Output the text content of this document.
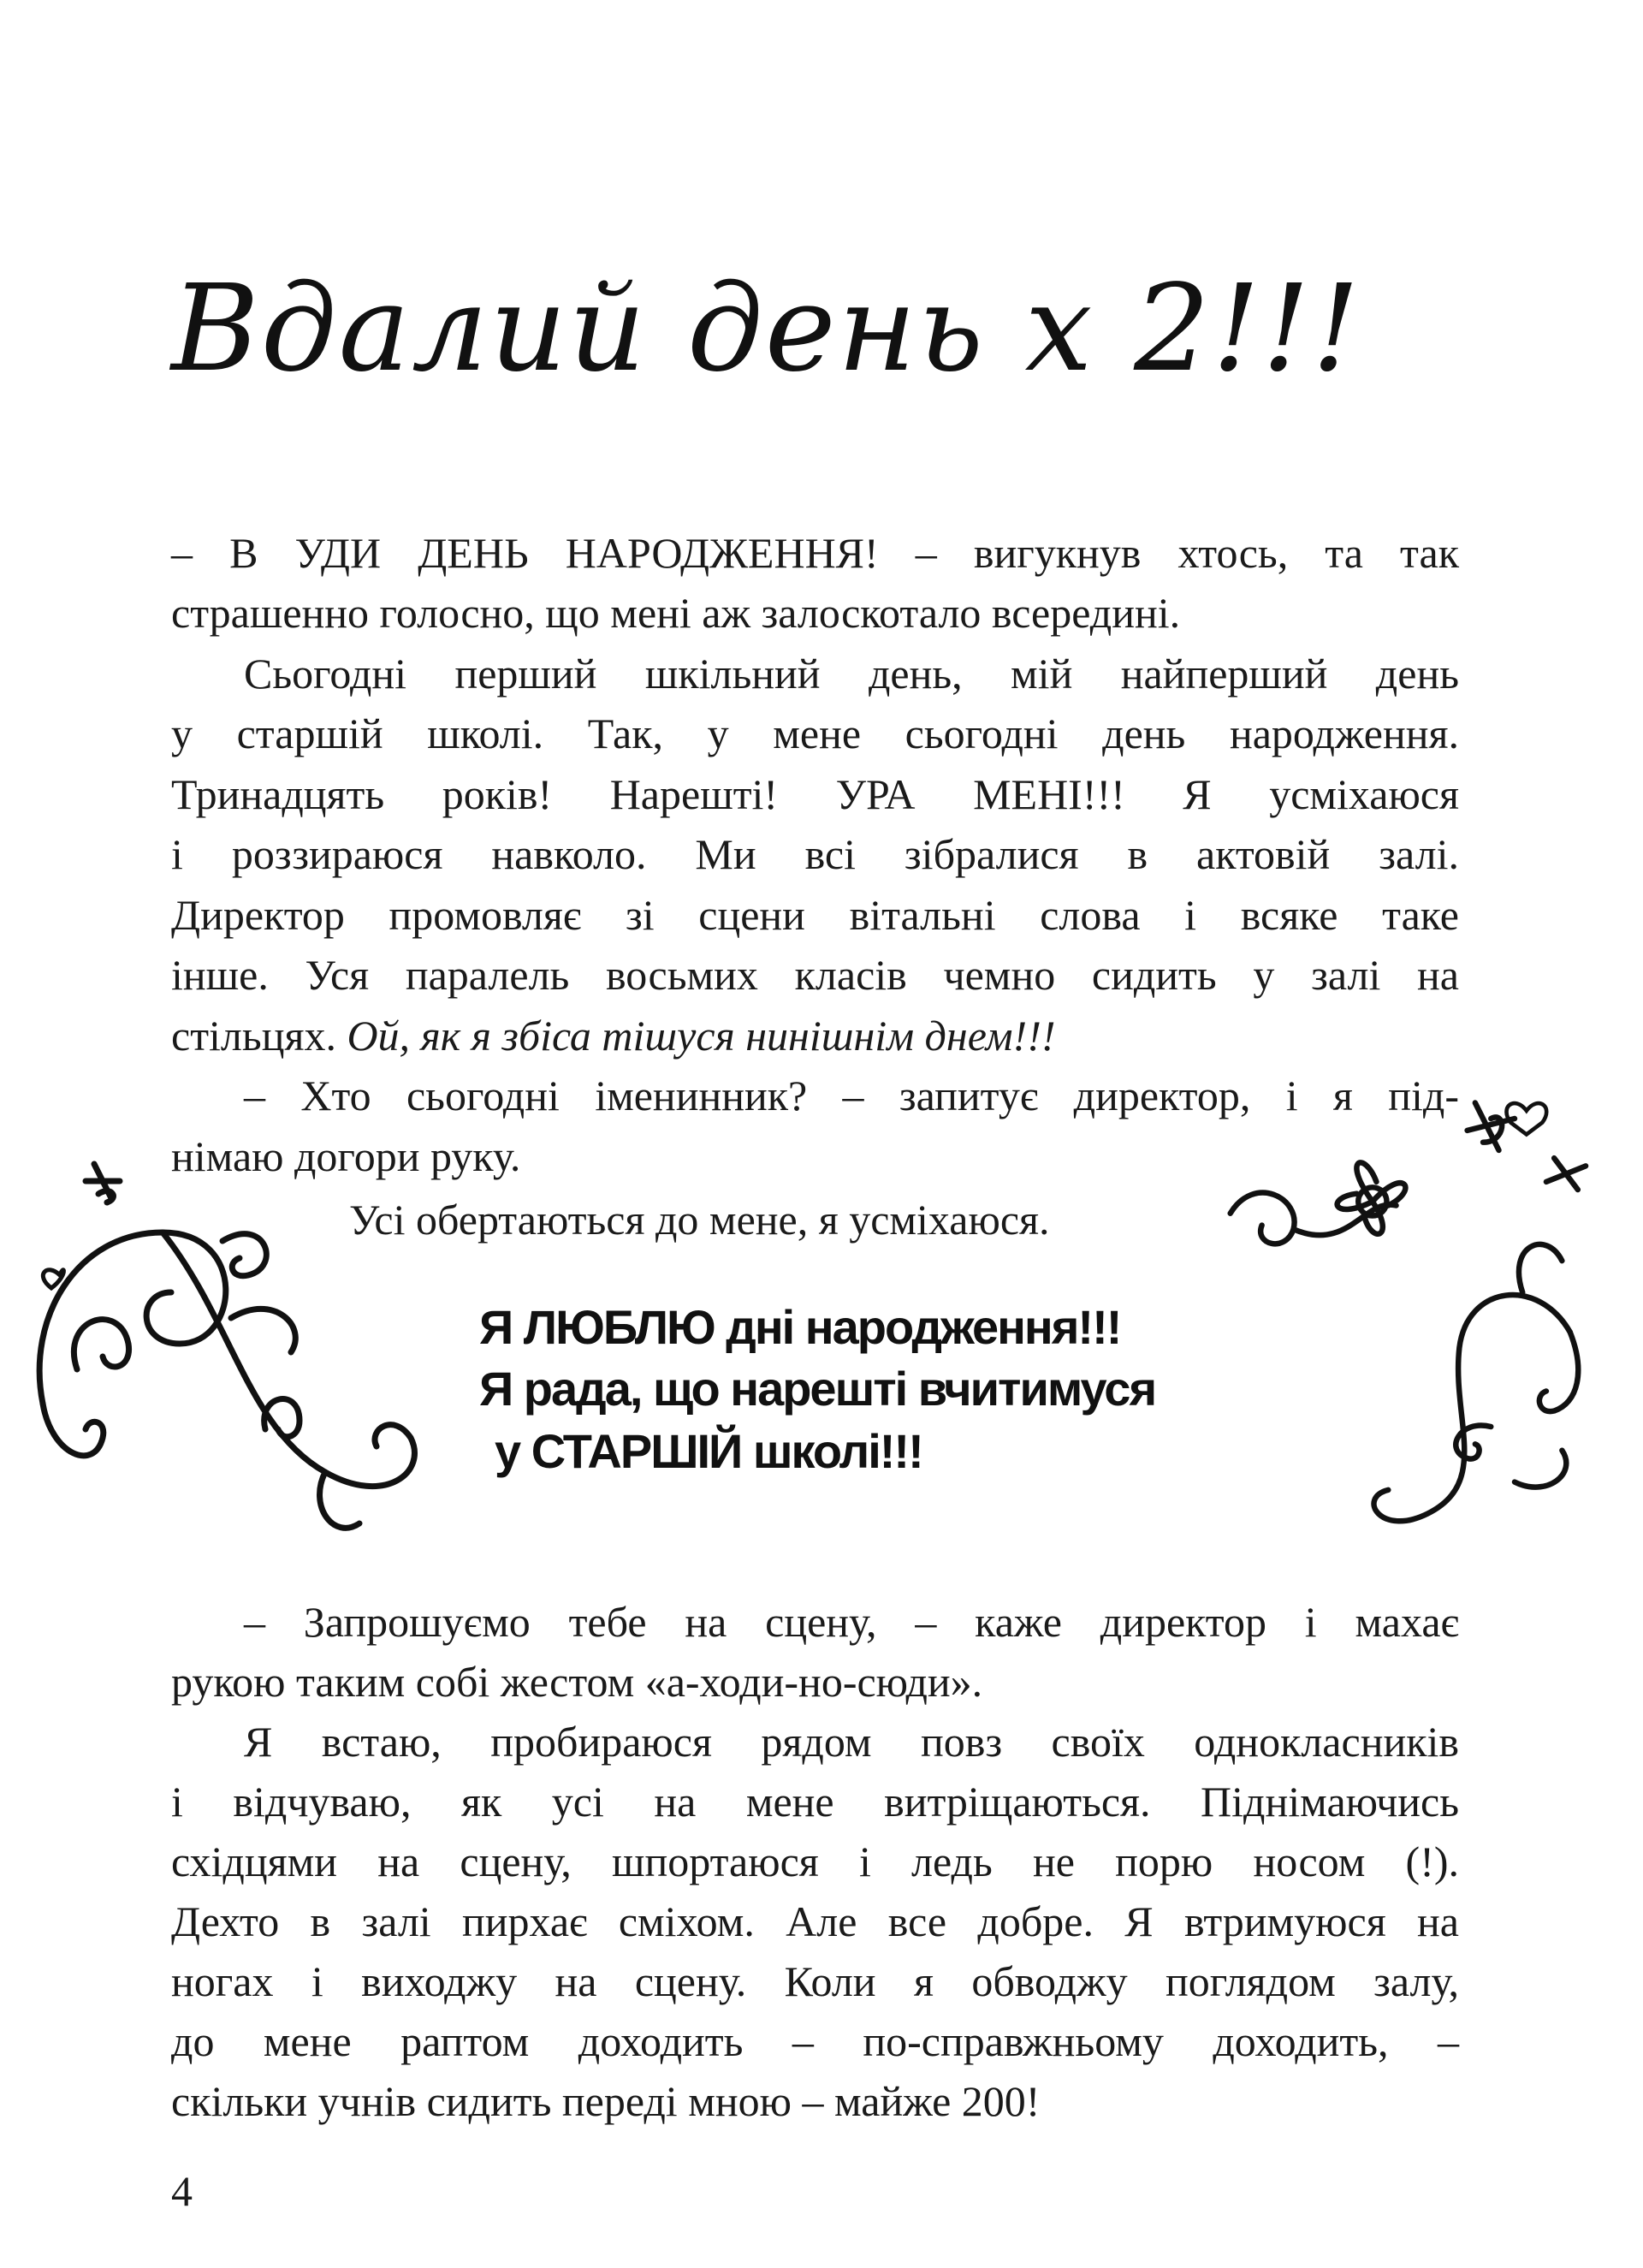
Вдалий день х 2!!!
– В УДИ ДЕНЬ НАРОДЖЕННЯ! – вигукнув хтось, та так
страшенно голосно, що мені аж залоскотало всередині.
Сьогодні перший шкільний день, мій найперший день
у старшій школі. Так, у мене сьогодні день народження.
Тринадцять років! Нарешті! УРА МЕНІ!!! Я усміхаюся
і роззираюся навколо. Ми всі зібралися в актовій залі.
Директор промовляє зі сцени вітальні слова і всяке таке
інше. Уся паралель восьмих класів чемно сидить у залі на
стільцях. Ой, як я збіса тішуся нинішнім днем!!!
– Хто сьогодні іменинник? – запитує директор, і я під-
німаю догори руку.
Усі обертаються до мене, я усміхаюся.
Я ЛЮБЛЮ дні народження!!!
Я рада, що нарешті вчитимуся
у СТАРШІЙ школі!!!
– Запрошуємо тебе на сцену, – каже директор і махає
рукою таким собі жестом «а-ходи-но-сюди».
Я встаю, пробираюся рядом повз своїх однокласників
і відчуваю, як усі на мене витріщаються. Піднімаючись
східцями на сцену, шпортаюся і ледь не порю носом (!).
Дехто в залі пирхає сміхом. Але все добре. Я втримуюся на
ногах і виходжу на сцену. Коли я обводжу поглядом залу,
до мене раптом доходить – по-справжньому доходить, –
скільки учнів сидить переді мною – майже 200!
4
